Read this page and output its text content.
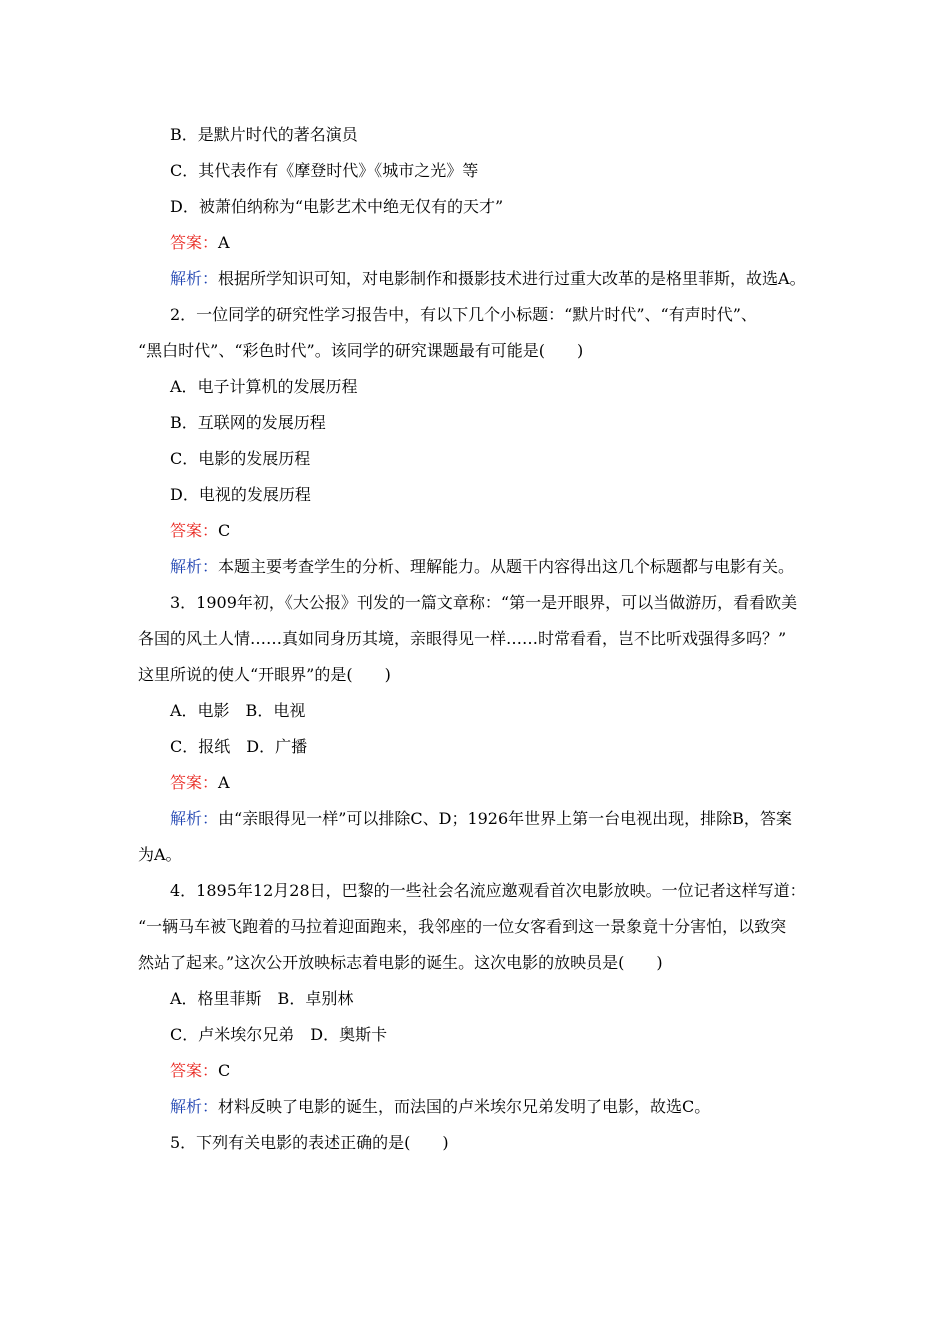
B．是默片时代的著名演员
C．其代表作有《摩登时代》《城市之光》等
D．被萧伯纳称为“电影艺术中绝无仅有的天才”
答案：A
解析：根据所学知识可知，对电影制作和摄影技术进行过重大改革的是格里菲斯，故选A。
2．一位同学的研究性学习报告中，有以下几个小标题：“默片时代”、“有声时代”、
“黑白时代”、“彩色时代”。该同学的研究课题最有可能是(　　)
A．电子计算机的发展历程
B．互联网的发展历程
C．电影的发展历程
D．电视的发展历程
答案：C
解析：本题主要考查学生的分析、理解能力。从题干内容得出这几个标题都与电影有关。
3．1909年初，《大公报》刊发的一篇文章称：“第一是开眼界，可以当做游历，看看欧美
各国的风土人情……真如同身历其境，亲眼得见一样……时常看看，岂不比听戏强得多吗？”
这里所说的使人“开眼界”的是(　　)
A．电影　B．电视
C．报纸　D．广播
答案：A
解析：由“亲眼得见一样”可以排除C、D；1926年世界上第一台电视出现，排除B，答案
为A。
4．1895年12月28日，巴黎的一些社会名流应邀观看首次电影放映。一位记者这样写道：
“一辆马车被飞跑着的马拉着迎面跑来，我邻座的一位女客看到这一景象竟十分害怕，以致突
然站了起来。”这次公开放映标志着电影的诞生。这次电影的放映员是(　　)
A．格里菲斯　B．卓别林
C．卢米埃尔兄弟　D．奥斯卡
答案：C
解析：材料反映了电影的诞生，而法国的卢米埃尔兄弟发明了电影，故选C。
5．下列有关电影的表述正确的是(　　)
